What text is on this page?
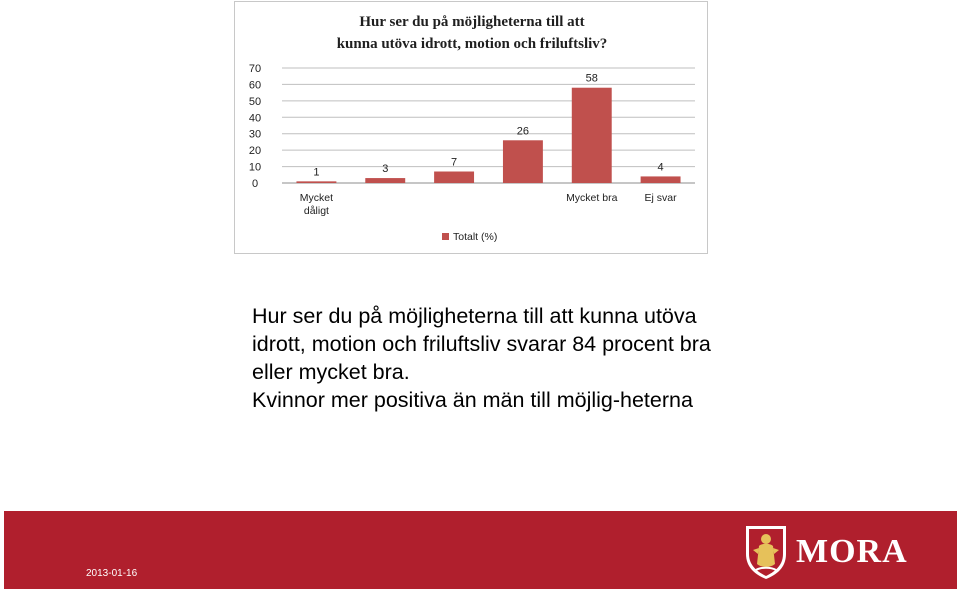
Hur ser du på möjligheterna till att
kunna utöva idrott, motion och friluftsliv?
0
10
20
30
40
50
60
70
1
Mycket
dåligt
3
7
26
58
Mycket bra
4
Ej svar
Totalt (%)

Hur ser du på möjligheterna till att kunna utöva idrott, motion och friluftsliv svarar 84 procent bra eller mycket bra.

Kvinnor mer positiva än män till möjlig-heterna

2013-01-16
MORA
